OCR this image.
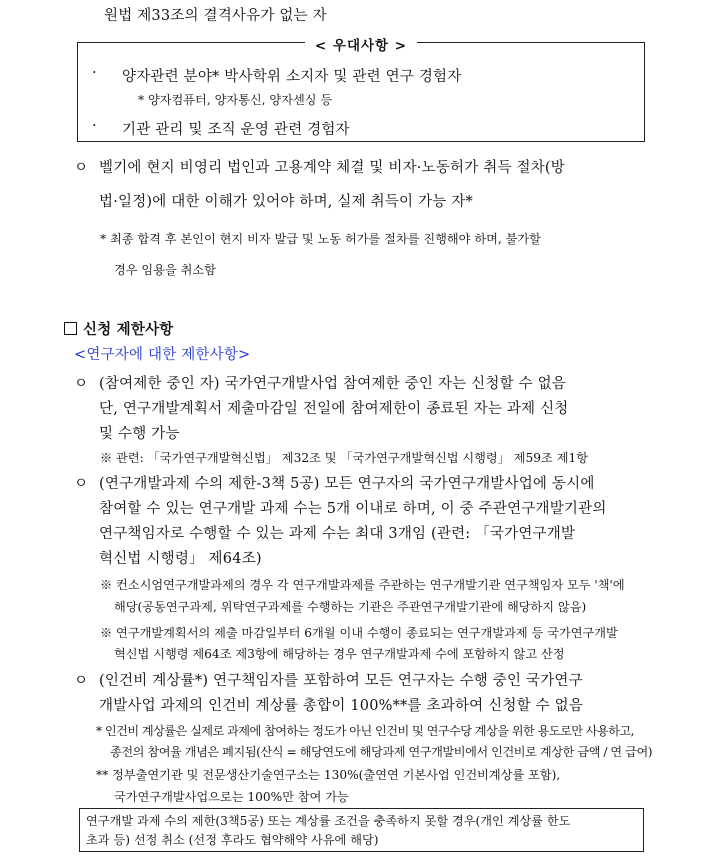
원법 제33조의 결격사유가 없는 자
< 우대사항 >
· 양자관련 분야* 박사학위 소지자 및 관련 연구 경험자
* 양자컴퓨터, 양자통신, 양자센싱 등
· 기관 관리 및 조직 운영 관련 경험자
ㅇ 벨기에 현지 비영리 법인과 고용계약 체결 및 비자·노동허가 취득 절차(방
법·일정)에 대한 이해가 있어야 하며, 실제 취득이 가능 자*
* 최종 합격 후 본인이 현지 비자 발급 및 노동 허가를 절차를 진행해야 하며, 불가할
경우 임용을 취소함
신청 제한사항
<연구자에 대한 제한사항>
ㅇ (참여제한 중인 자) 국가연구개발사업 참여제한 중인 자는 신청할 수 없음
단, 연구개발계획서 제출마감일 전일에 참여제한이 종료된 자는 과제 신청
및 수행 가능
※ 관련: 「국가연구개발혁신법」 제32조 및 「국가연구개발혁신법 시행령」 제59조 제1항
ㅇ (연구개발과제 수의 제한-3책 5공) 모든 연구자의 국가연구개발사업에 동시에
참여할 수 있는 연구개발 과제 수는 5개 이내로 하며, 이 중 주관연구개발기관의
연구책임자로 수행할 수 있는 과제 수는 최대 3개임 (관련: 「국가연구개발
혁신법 시행령」 제64조)
※ 컨소시엄연구개발과제의 경우 각 연구개발과제를 주관하는 연구개발기관 연구책임자 모두 '책'에
해당(공동연구과제, 위탁연구과제를 수행하는 기관은 주관연구개발기관에 해당하지 않음)
※ 연구개발계획서의 제출 마감일부터 6개월 이내 수행이 종료되는 연구개발과제 등 국가연구개발
혁신법 시행령 제64조 제3항에 해당하는 경우 연구개발과제 수에 포함하지 않고 산정
ㅇ (인건비 계상률*) 연구책임자를 포함하여 모든 연구자는 수행 중인 국가연구
개발사업 과제의 인건비 계상률 총합이 100%**를 초과하여 신청할 수 없음
* 인건비 계상률은 실제로 과제에 참여하는 정도가 아닌 인건비 및 연구수당 계상을 위한 용도로만 사용하고,
종전의 참여율 개념은 폐지됨(산식 = 해당연도에 해당과제 연구개발비에서 인건비로 계상한 금액 / 연 급여)
** 정부출연기관 및 전문생산기술연구소는 130%(출연연 기본사업 인건비계상률 포함),
국가연구개발사업으로는 100%만 참여 가능
연구개발 과제 수의 제한(3책5공) 또는 계상률 조건을 충족하지 못할 경우(개인 계상률 한도
초과 등) 선정 취소 (선정 후라도 협약해약 사유에 해당)
